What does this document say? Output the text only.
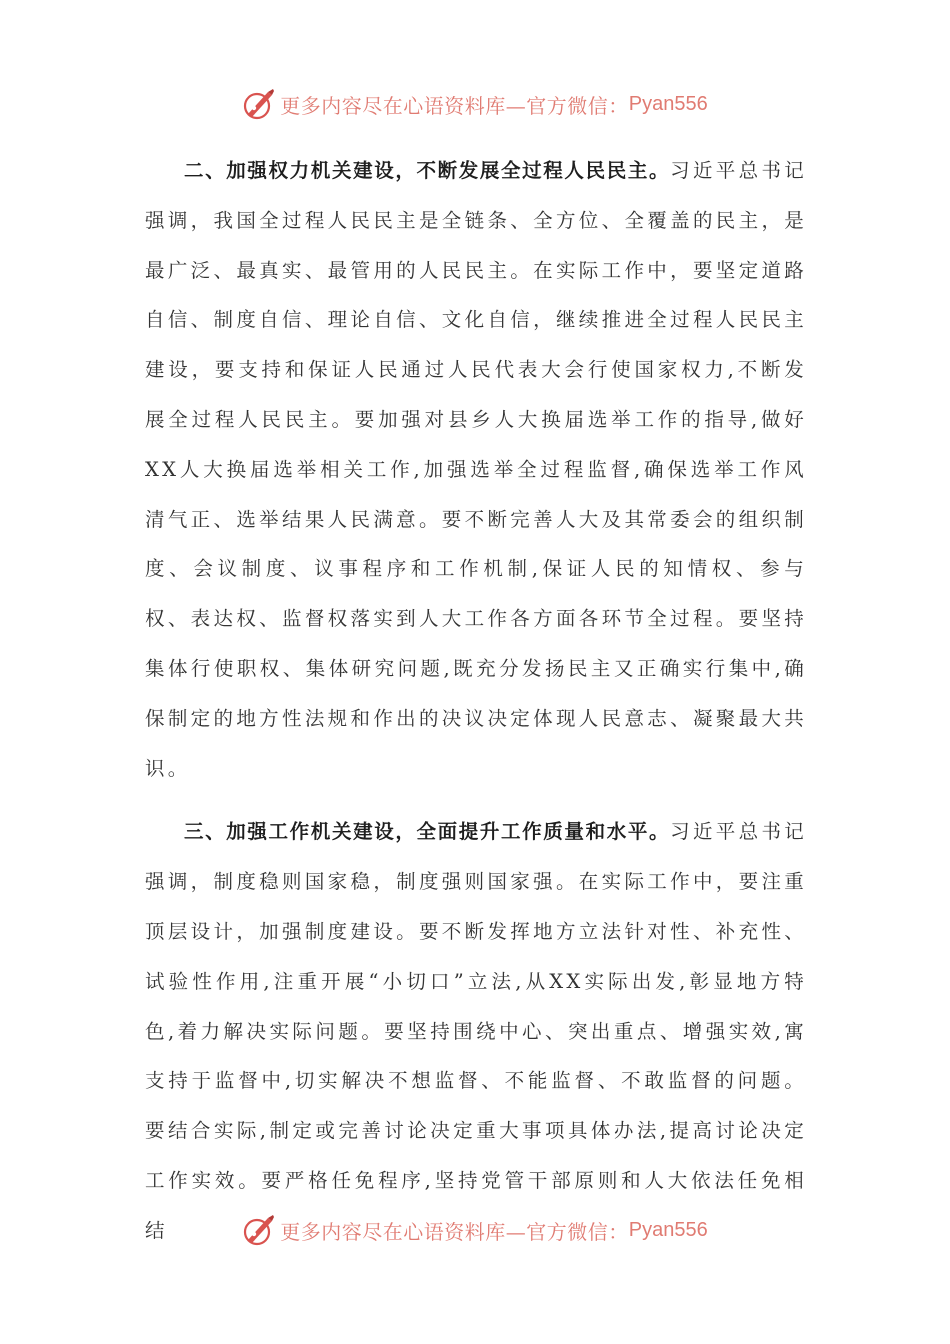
更多内容尽在心语资料库—官方微信： Pyan556

二、加强权力机关建设，不断发展全过程人民民主。习近平总书记强调，我国全过程人民民主是全链条、全方位、全覆盖的民主，是最广泛、最真实、最管用的人民民主。在实际工作中，要坚定道路自信、制度自信、理论自信、文化自信，继续推进全过程人民民主建设，要支持和保证人民通过人民代表大会行使国家权力,不断发展全过程人民民主。要加强对县乡人大换届选举工作的指导,做好XX人大换届选举相关工作,加强选举全过程监督,确保选举工作风清气正、选举结果人民满意。要不断完善人大及其常委会的组织制度、会议制度、议事程序和工作机制,保证人民的知情权、参与权、表达权、监督权落实到人大工作各方面各环节全过程。要坚持集体行使职权、集体研究问题,既充分发扬民主又正确实行集中,确保制定的地方性法规和作出的决议决定体现人民意志、凝聚最大共识。

三、加强工作机关建设，全面提升工作质量和水平。习近平总书记强调，制度稳则国家稳，制度强则国家强。在实际工作中，要注重顶层设计，加强制度建设。要不断发挥地方立法针对性、补充性、试验性作用,注重开展“小切口”立法,从XX实际出发,彰显地方特色,着力解决实际问题。要坚持围绕中心、突出重点、增强实效,寓支持于监督中,切实解决不想监督、不能监督、不敢监督的问题。要结合实际,制定或完善讨论决定重大事项具体办法,提高讨论决定工作实效。要严格任免程序,坚持党管干部原则和人大依法任免相结	更多内容尽在心语资料库—官方微信： Pyan556
